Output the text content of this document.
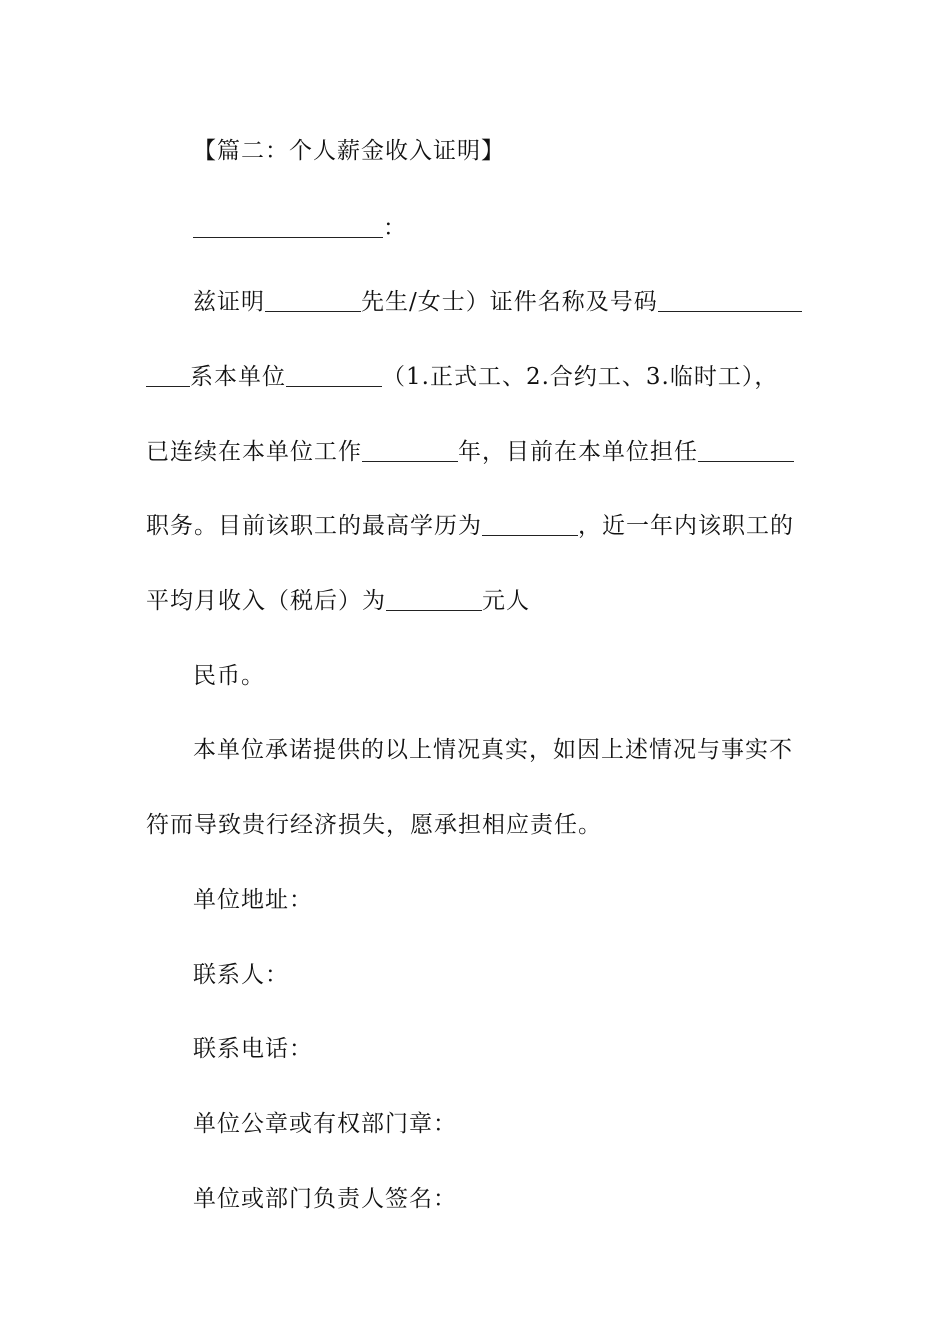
【篇二：个人薪金收入证明】
：
兹证明	先生/女士）证件名称及号码
系本单位	（1.正式工、2.合约工、3.临时工），
已连续在本单位工作	年，目前在本单位担任
职务。目前该职工的最高学历为	，近一年内该职工的
平均月收入（税后）为	元人
民币。
本单位承诺提供的以上情况真实，如因上述情况与事实不
符而导致贵行经济损失，愿承担相应责任。
单位地址：
联系人：
联系电话：
单位公章或有权部门章：
单位或部门负责人签名：
